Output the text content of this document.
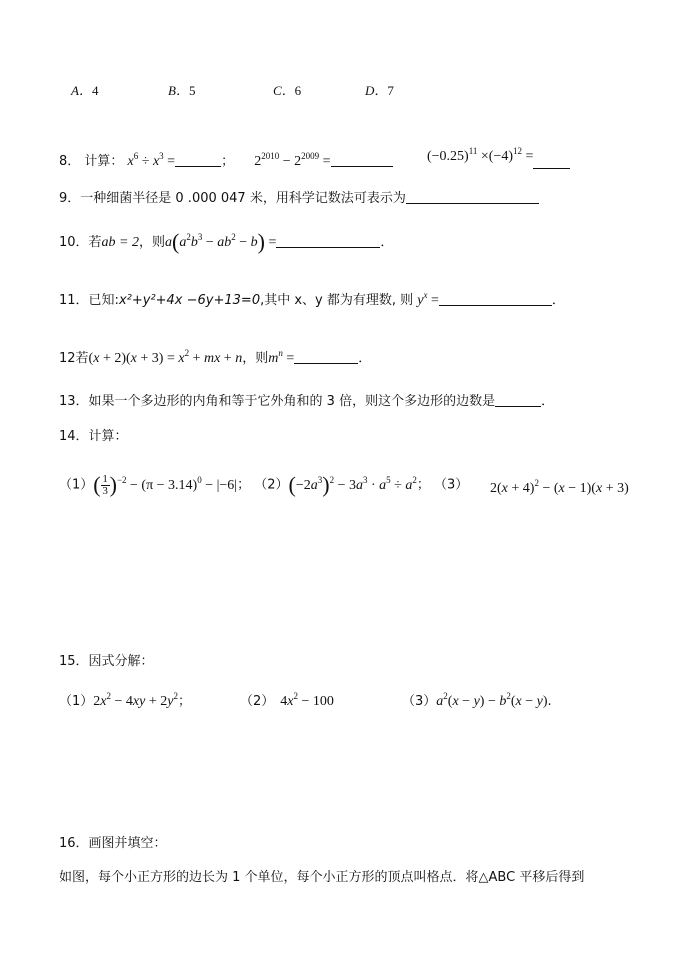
A．4	B．5	C．6	D．7
8． 计算： $x^6 \div x^3$ =	； $2^{2010} - 2^{2009}$ =	$(-0.25)^{11} \times(-4)^{12}$ =
9．一种细菌半径是 0 .000 047 米，用科学记数法可表示为
10．若ab = 2，则$a(a^2b^3 - ab^2 - b)$ =	．
11．已知:x²+y²+4x −6y+13=0,其中 x、y 都为有理数, 则 $y^x$ =	．
12若$(x + 2)(x + 3) = x^2$ + mx + n，则$m^n$ =	．
13．如果一个多边形的内角和等于它外角和的 3 倍，则这个多边形的边数是	．
14．计算：
$(1)( \frac{1}{3} )^{-2} - (\pi - 3.14)^0 - |-6|$； $(2)(-2a^3)^2 - 3a^3 \cdot a^5 \div a^2$； （3） $2(x + 4)^2 - (x - 1)(x + 3)$
15．因式分解：
$(1)2x^2 - 4xy + 2y^2$；	（2） $4x^2 - 100$	$(3)a^2(x - y) - b^2(x - y)$.
16．画图并填空：
如图，每个小正方形的边长为 1 个单位，每个小正方形的顶点叫格点．将△ABC 平移后得到
